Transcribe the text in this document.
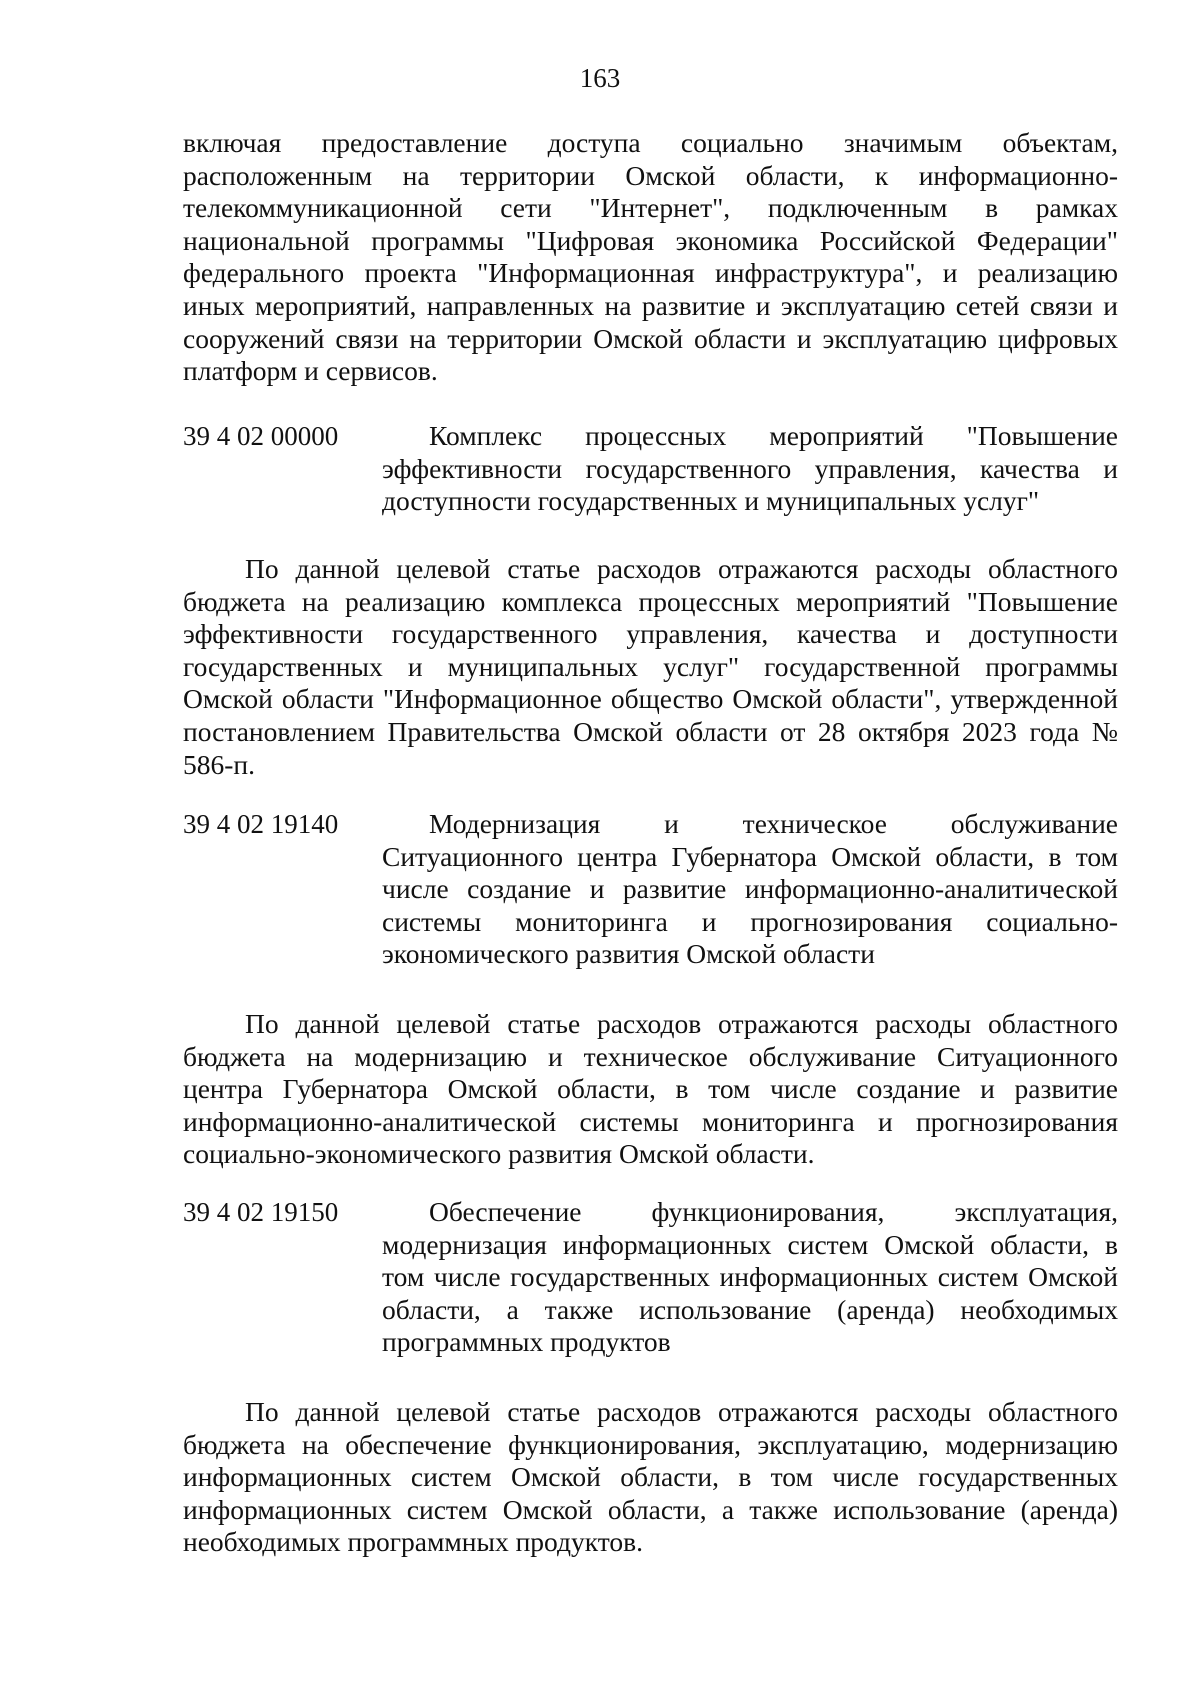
163

включая предоставление доступа социально значимым объектам, расположенным на территории Омской области, к информационно-телекоммуникационной сети "Интернет", подключенным в рамках национальной программы "Цифровая экономика Российской Федерации" федерального проекта "Информационная инфраструктура", и реализацию иных мероприятий, направленных на развитие и эксплуатацию сетей связи и сооружений связи на территории Омской области и эксплуатацию цифровых платформ и сервисов.

39 4 02 00000	Комплекс процессных мероприятий "Повышение эффективности государственного управления, качества и доступности государственных и муниципальных услуг"

По данной целевой статье расходов отражаются расходы областного бюджета на реализацию комплекса процессных мероприятий "Повышение эффективности государственного управления, качества и доступности государственных и муниципальных услуг" государственной программы Омской области "Информационное общество Омской области", утвержденной постановлением Правительства Омской области от 28 октября 2023 года № 586-п.

39 4 02 19140	Модернизация и техническое обслуживание Ситуационного центра Губернатора Омской области, в том числе создание и развитие информационно-аналитической системы мониторинга и прогнозирования социально-экономического развития Омской области

По данной целевой статье расходов отражаются расходы областного бюджета на модернизацию и техническое обслуживание Ситуационного центра Губернатора Омской области, в том числе создание и развитие информационно-аналитической системы мониторинга и прогнозирования социально-экономического развития Омской области.

39 4 02 19150	Обеспечение функционирования, эксплуатация, модернизация информационных систем Омской области, в том числе государственных информационных систем Омской области, а также использование (аренда) необходимых программных продуктов

По данной целевой статье расходов отражаются расходы областного бюджета на обеспечение функционирования, эксплуатацию, модернизацию информационных систем Омской области, в том числе государственных информационных систем Омской области, а также использование (аренда) необходимых программных продуктов.
